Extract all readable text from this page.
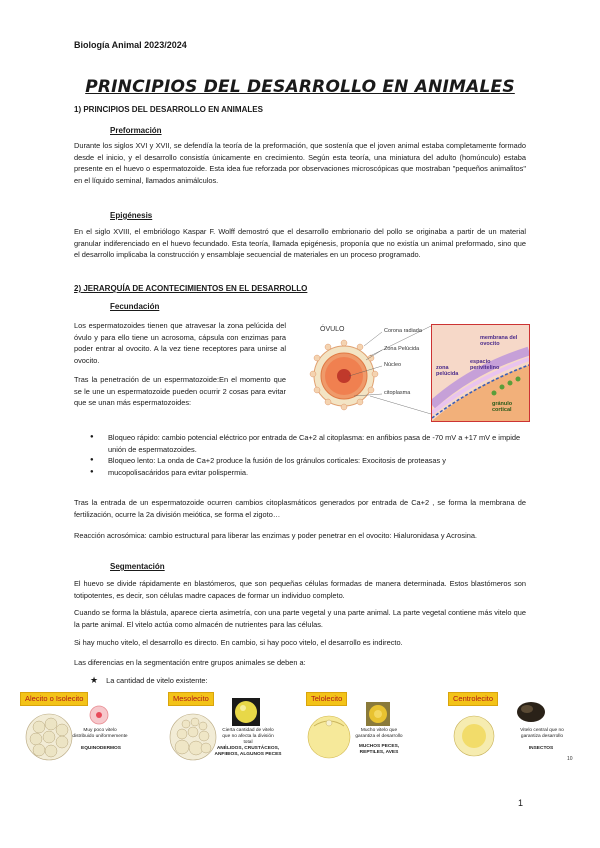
Biología Animal 2023/2024
PRINCIPIOS DEL DESARROLLO EN ANIMALES
1) PRINCIPIOS DEL DESARROLLO EN ANIMALES
Preformación

Durante los siglos XVI y XVII, se defendía la teoría de la preformación, que sostenía que el joven animal estaba completamente formado desde el inicio, y el desarrollo consistía únicamente en crecimiento. Según esta teoría, una miniatura del adulto (homúnculo) estaba presente en el huevo o espermatozoide. Esta idea fue reforzada por observaciones microscópicas que mostraban "pequeños animalitos" en el líquido seminal, llamados animálculos.

Epigénesis

En el siglo XVIII, el embriólogo Kaspar F. Wolff demostró que el desarrollo embrionario del pollo se originaba a partir de un material granular indiferenciado en el huevo fecundado. Esta teoría, llamada epigénesis, proponía que no existía un animal preformado, sino que el desarrollo implicaba la construcción y ensamblaje secuencial de materiales en un proceso programado.

2) JERARQUÍA DE ACONTECIMIENTOS EN EL DESARROLLO
Fecundación

Los espermatozoides tienen que atravesar la zona pelúcida del óvulo y para ello tiene un acrosoma, cápsula con enzimas para poder entrar al ovocito. A la vez tiene receptores para unirse al ovocito.

Tras la penetración de un espermatozoide:En el momento que se le une un espermatozoide pueden ocurrir 2 cosas para evitar que se unan más espermatozoides:

ÓVULO	Corona radiada
Zona Pelúcida
Núcleo
citoplasma
membrana del ovocito
espacio perivitelino
zona pelúcida
gránulo cortical
● Bloqueo rápido: cambio potencial eléctrico por entrada de Ca+2 al citoplasma: en anfibios pasa de -70 mV a +17 mV e impide unión de espermatozoides.
● Bloqueo lento: La onda de Ca+2 produce la fusión de los gránulos corticales: Exocitosis de proteasas y
● mucopolisacáridos para evitar polispermia.

Tras la entrada de un espermatozoide ocurren cambios citoplasmáticos generados por entrada de Ca+2 , se forma la membrana de fertilización, ocurre la 2a división meiótica, se forma el zigoto…

Reacción acrosómica: cambio estructural para liberar las enzimas y poder penetrar en el ovocito: Hialuronidasa y Acrosina.

Segmentación

El huevo se divide rápidamente en blastómeros, que son pequeñas células formadas de manera determinada. Estos blastómeros son totipotentes, es decir, son células madre capaces de formar un individuo completo.

Cuando se forma la blástula, aparece cierta asimetría, con una parte vegetal y una parte animal. La parte vegetal contiene más vitelo que la parte animal. El vitelo actúa como almacén de nutrientes para las células.

Si hay mucho vitelo, el desarrollo es directo. En cambio, si hay poco vitelo, el desarrollo es indirecto.

Las diferencias en la segmentación entre grupos animales se deben a:

★ La cantidad de vitelo existente:
Alecito o Isolecito
Muy poco vitelo distribuido uniformemente
EQUINODERMOS
Mesolecito
Cierta cantidad de vitelo que no afecta la división total
ANÉLIDOS, CRUSTÁCEOS, ANFIBIOS, ALGUNOS PECES
Telolecito
Mucho vitelo que garantiza el desarrollo
MUCHOS PECES, REPTILES, AVES
Centrolecito
Vitelo central que no garantiza desarrollo
INSECTOS
10
1
